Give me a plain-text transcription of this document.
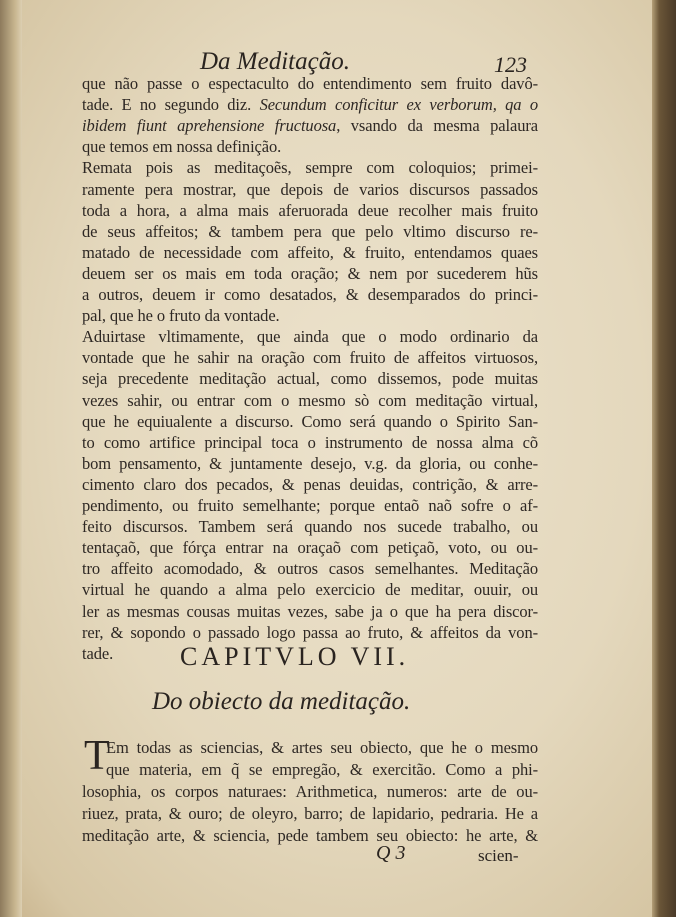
Da Meditação.	123
que não passe o espectaculto do entendimento sem fruito davô-
tade. E no segundo diz. Secundum conficitur ex verborum, qa o
ibidem fiunt aprehensione fructuosa, vsando da mesma palaura
que temos em nossa definição.
Remata pois as meditaçoẽs, sempre com coloquios; primei-
ramente pera mostrar, que depois de varios discursos passados
toda a hora, a alma mais aferuorada deue recolher mais fruito
de seus affeitos; & tambem pera que pelo vltimo discurso re-
matado de necessidade com affeito, & fruito, entendamos quaes
deuem ser os mais em toda oração; & nem por sucederem hũs
a outros, deuem ir como desatados, & desemparados do princi-
pal, que he o fruto da vontade.
Aduirtase vltimamente, que ainda que o modo ordinario da
vontade que he sahir na oração com fruito de affeitos virtuosos,
seja precedente meditação actual, como dissemos, pode muitas
vezes sahir, ou entrar com o mesmo sò com meditação virtual,
que he equiualente a discurso. Como será quando o Spirito San-
to como artifice principal toca o instrumento de nossa alma cõ
bom pensamento, & juntamente desejo, v.g. da gloria, ou conhe-
cimento claro dos pecados, & penas deuidas, contrição, & arre-
pendimento, ou fruito semelhante; porque entaõ naõ sofre o af-
feito discursos. Tambem será quando nos sucede trabalho, ou
tentaçaõ, que fórça entrar na oraçaõ com petiçaõ, voto, ou ou-
tro affeito acomodado, & outros casos semelhantes. Meditação
virtual he quando a alma pelo exercicio de meditar, ouuir, ou
ler as mesmas cousas muitas vezes, sabe ja o que ha pera discor-
rer, & sopondo o passado logo passa ao fruto, & affeitos da von-
tade.	CAPITVLO VII.
Do obiecto da meditação.
T
Em todas as sciencias, & artes seu obiecto, que he o mesmo
que materia, em q̃ se empregão, & exercitão. Como a phi-
losophia, os corpos naturaes: Arithmetica, numeros: arte de ou-
riuez, prata, & ouro; de oleyro, barro; de lapidario, pedraria. He a
meditação arte, & sciencia, pede tambem seu obiecto: he arte, &
Q 3	scien-
